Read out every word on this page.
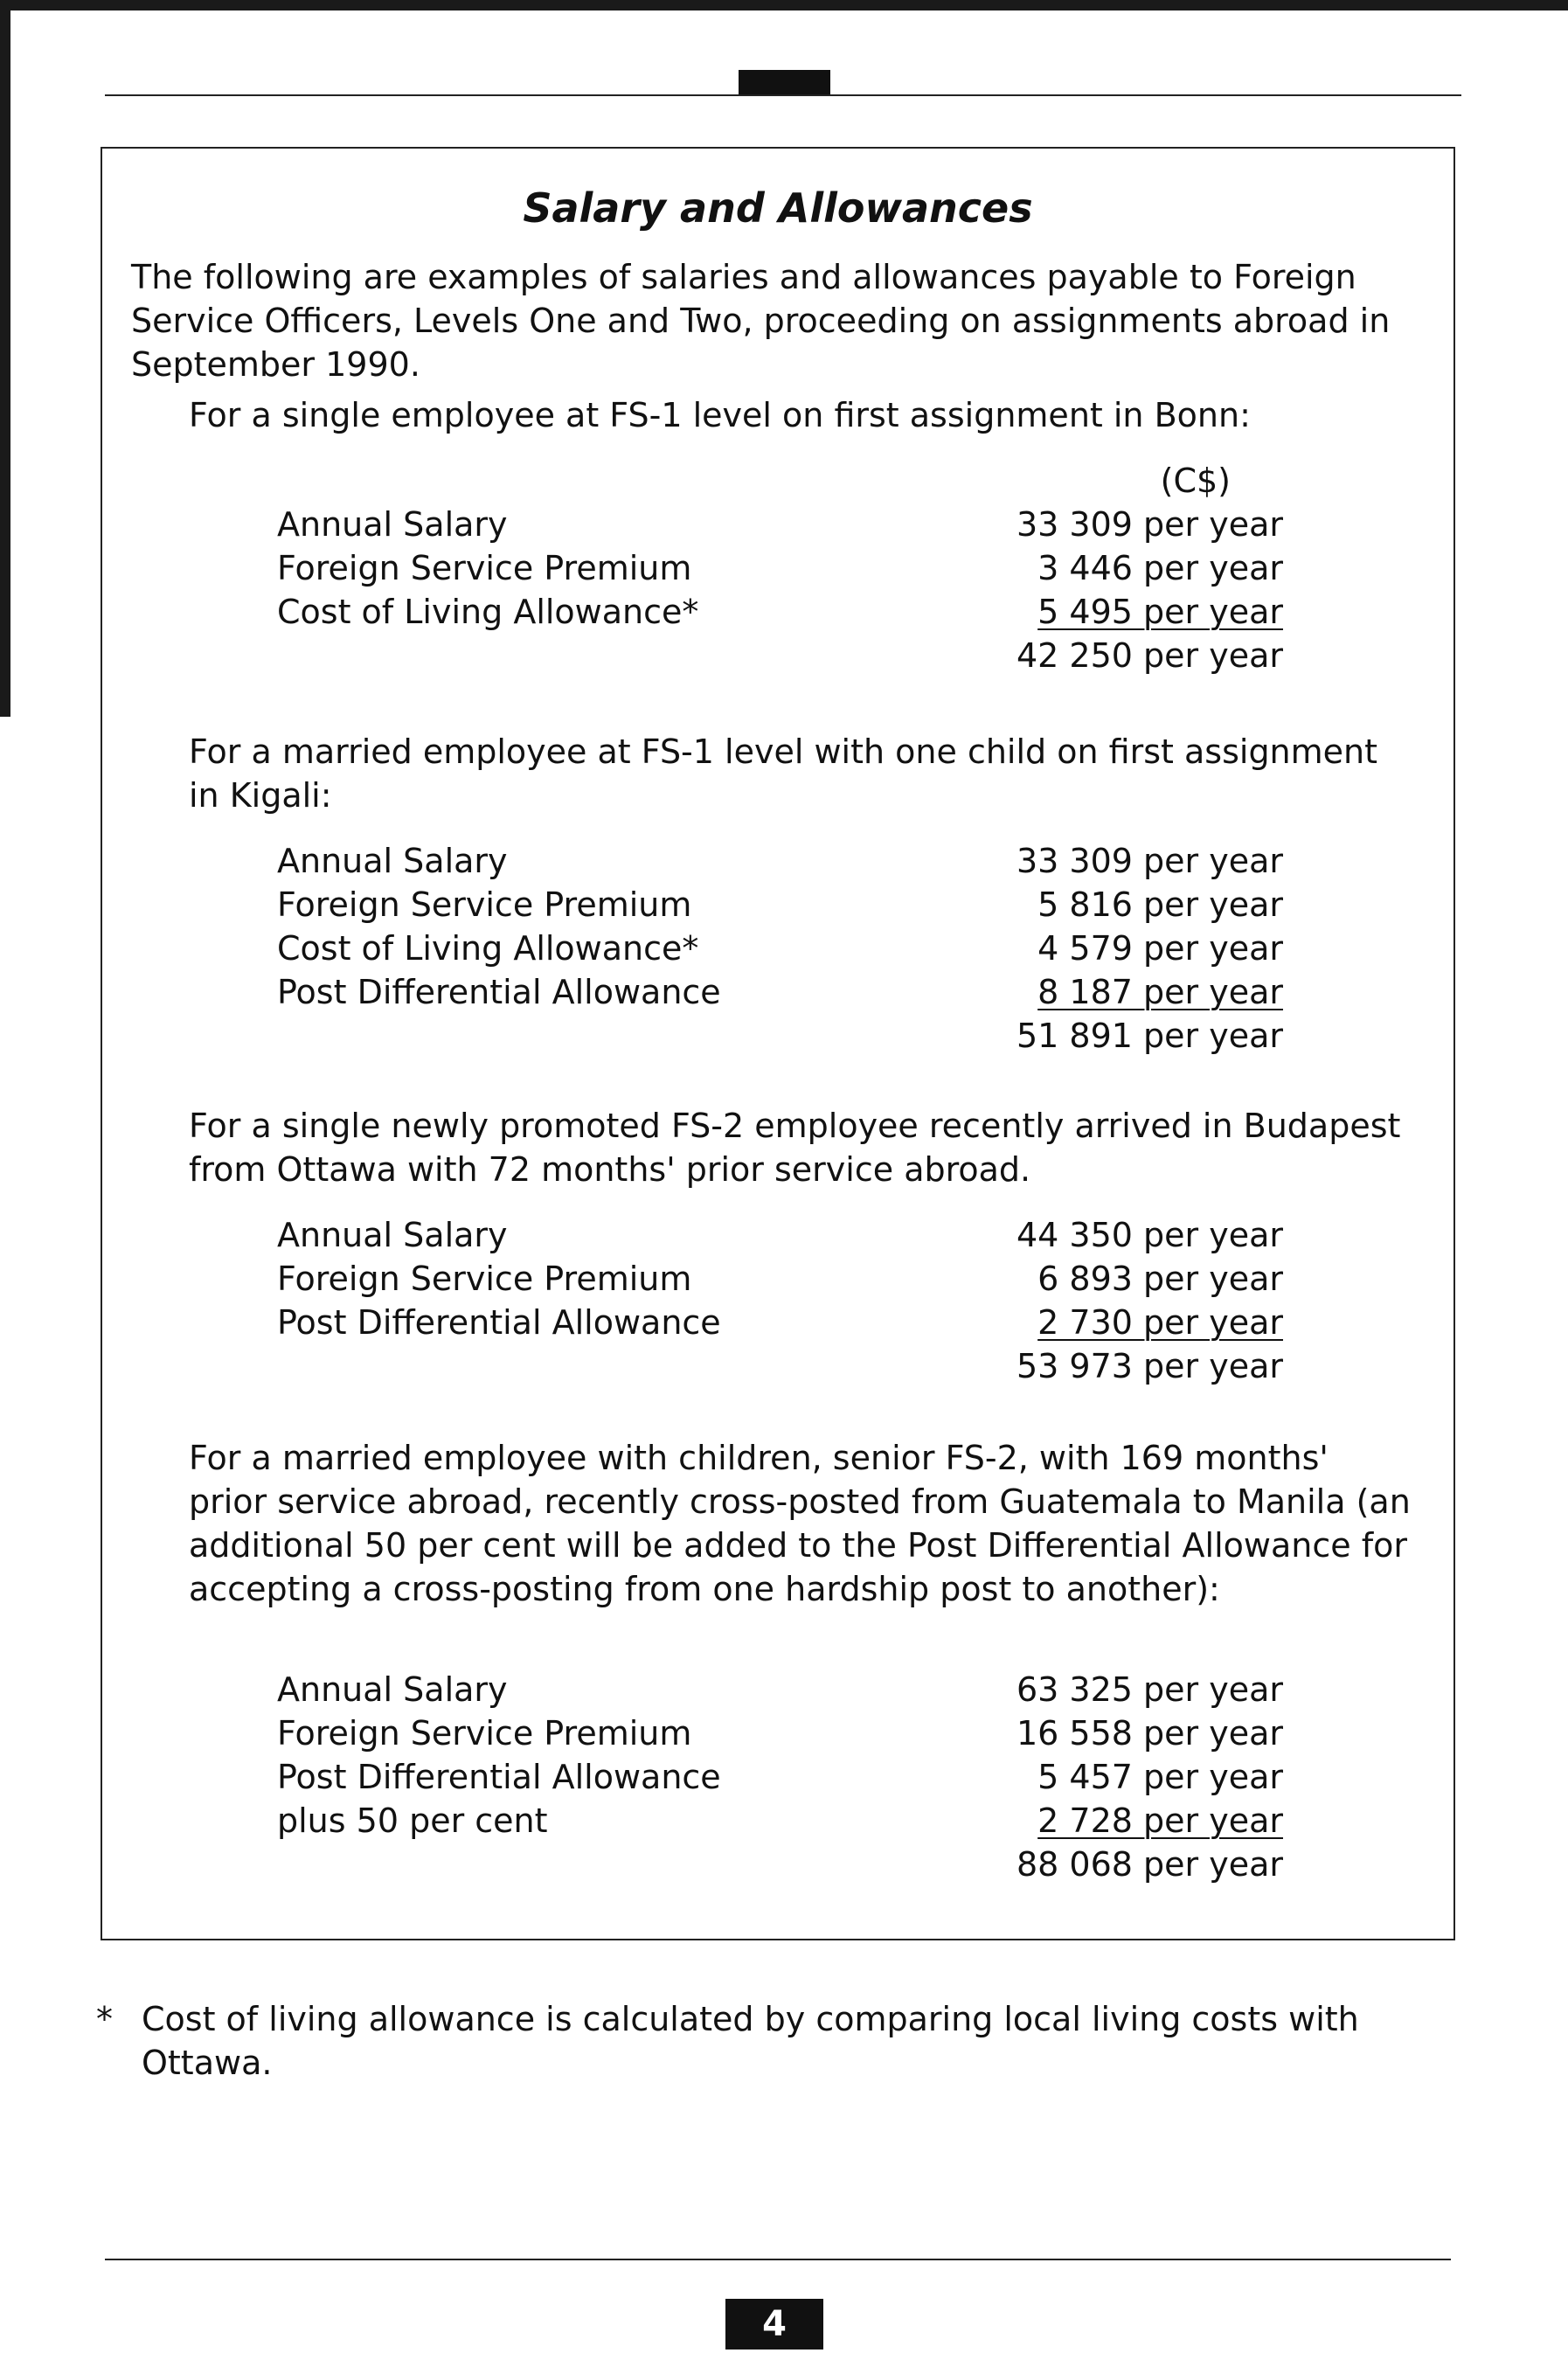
Salary and Allowances
The following are examples of salaries and allowances payable to Foreign Service Officers, Levels One and Two, proceeding on assignments abroad in September 1990.
For a single employee at FS-1 level on first assignment in Bonn:
(C$)
Annual Salary	33 309 per year
Foreign Service Premium	3 446 per year
Cost of Living Allowance*	5 495 per year
42 250 per year
For a married employee at FS-1 level with one child on first assignment in Kigali:
Annual Salary	33 309 per year
Foreign Service Premium	5 816 per year
Cost of Living Allowance*	4 579 per year
Post Differential Allowance	8 187 per year
51 891 per year
For a single newly promoted FS-2 employee recently arrived in Budapest from Ottawa with 72 months' prior service abroad.
Annual Salary	44 350 per year
Foreign Service Premium	6 893 per year
Post Differential Allowance	2 730 per year
53 973 per year
For a married employee with children, senior FS-2, with 169 months' prior service abroad, recently cross-posted from Guatemala to Manila (an additional 50 per cent will be added to the Post Differential Allowance for accepting a cross-posting from one hardship post to another):
Annual Salary	63 325 per year
Foreign Service Premium	16 558 per year
Post Differential Allowance	5 457 per year
plus 50 per cent	2 728 per year
88 068 per year
* Cost of living allowance is calculated by comparing local living costs with Ottawa.
4
